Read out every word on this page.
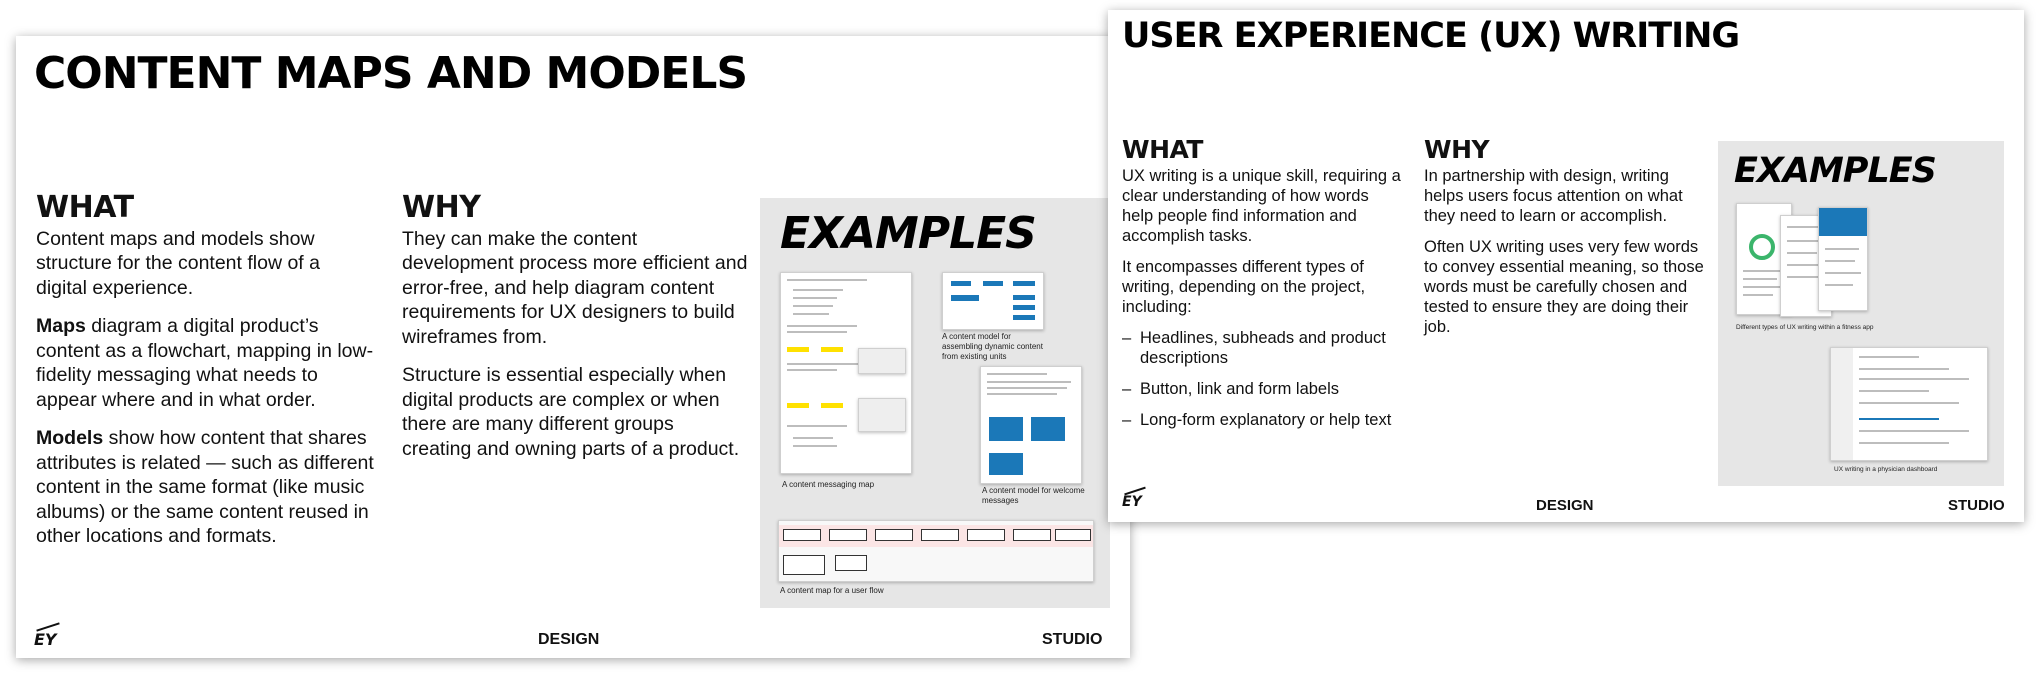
CONTENT MAPS AND MODELS
WHAT

Content maps and models show structure for the content flow of a digital experience.

Maps diagram a digital product’s content as a flowchart, mapping in low-fidelity messaging what needs to appear where and in what order.

Models show how content that shares attributes is related — such as different content in the same format (like music albums) or the same content reused in other locations and formats.

WHY

They can make the content development process more efficient and error-free, and help diagram content requirements for UX designers to build wireframes from.

Structure is essential especially when digital products are complex or when there are many different groups creating and owning parts of a product.

EXAMPLES
A content messaging map
A content model for assembling dynamic content from existing units
A content model for welcome messages
A content map for a user flow
EY	DESIGN	STUDIO
USER EXPERIENCE (UX) WRITING
WHAT

UX writing is a unique skill, requiring a clear understanding of how words help people find information and accomplish tasks.

It encompasses different types of writing, depending on the project, including:

– Headlines, subheads and product descriptions
– Button, link and form labels
– Long-form explanatory or help text
WHY

In partnership with design, writing helps users focus attention on what they need to learn or accomplish.

Often UX writing uses very few words to convey essential meaning, so those words must be carefully chosen and tested to ensure they are doing their job.

EXAMPLES
Different types of UX writing within a fitness app
UX writing in a physician dashboard
EY	DESIGN	STUDIO
